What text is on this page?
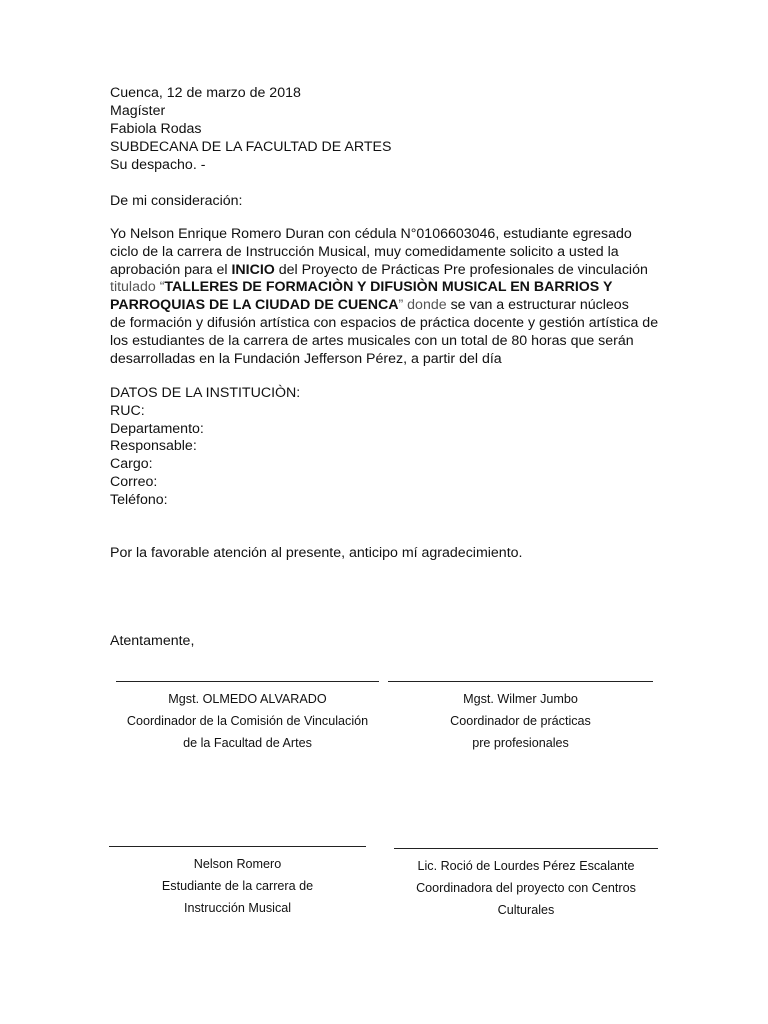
Cuenca, 12 de marzo de 2018
Magíster
Fabiola Rodas
SUBDECANA DE LA FACULTAD DE ARTES
Su despacho. -
De mi consideración:
Yo Nelson Enrique Romero Duran con cédula N°0106603046, estudiante egresado
ciclo de la carrera de Instrucción Musical, muy comedidamente solicito a usted la
aprobación para el INICIO del Proyecto de Prácticas Pre profesionales de vinculación
titulado “TALLERES DE FORMACIÒN Y DIFUSIÒN MUSICAL EN BARRIOS Y
PARROQUIAS DE LA CIUDAD DE CUENCA” donde se van a estructurar núcleos
de formación y difusión artística con espacios de práctica docente y gestión artística de
los estudiantes de la carrera de artes musicales con un total de 80 horas que serán
desarrolladas en la Fundación Jefferson Pérez, a partir del día
DATOS DE LA INSTITUCIÒN:
RUC:
Departamento:
Responsable:
Cargo:
Correo:
Teléfono:
Por la favorable atención al presente, anticipo mí agradecimiento.
Atentamente,
Mgst. OLMEDO ALVARADO
Coordinador de la Comisión de Vinculación
de la Facultad de Artes
Mgst. Wilmer Jumbo
Coordinador de prácticas
pre profesionales
Nelson Romero
Estudiante de la carrera de
Instrucción Musical
Lic. Roció de Lourdes Pérez Escalante
Coordinadora del proyecto con Centros
Culturales
